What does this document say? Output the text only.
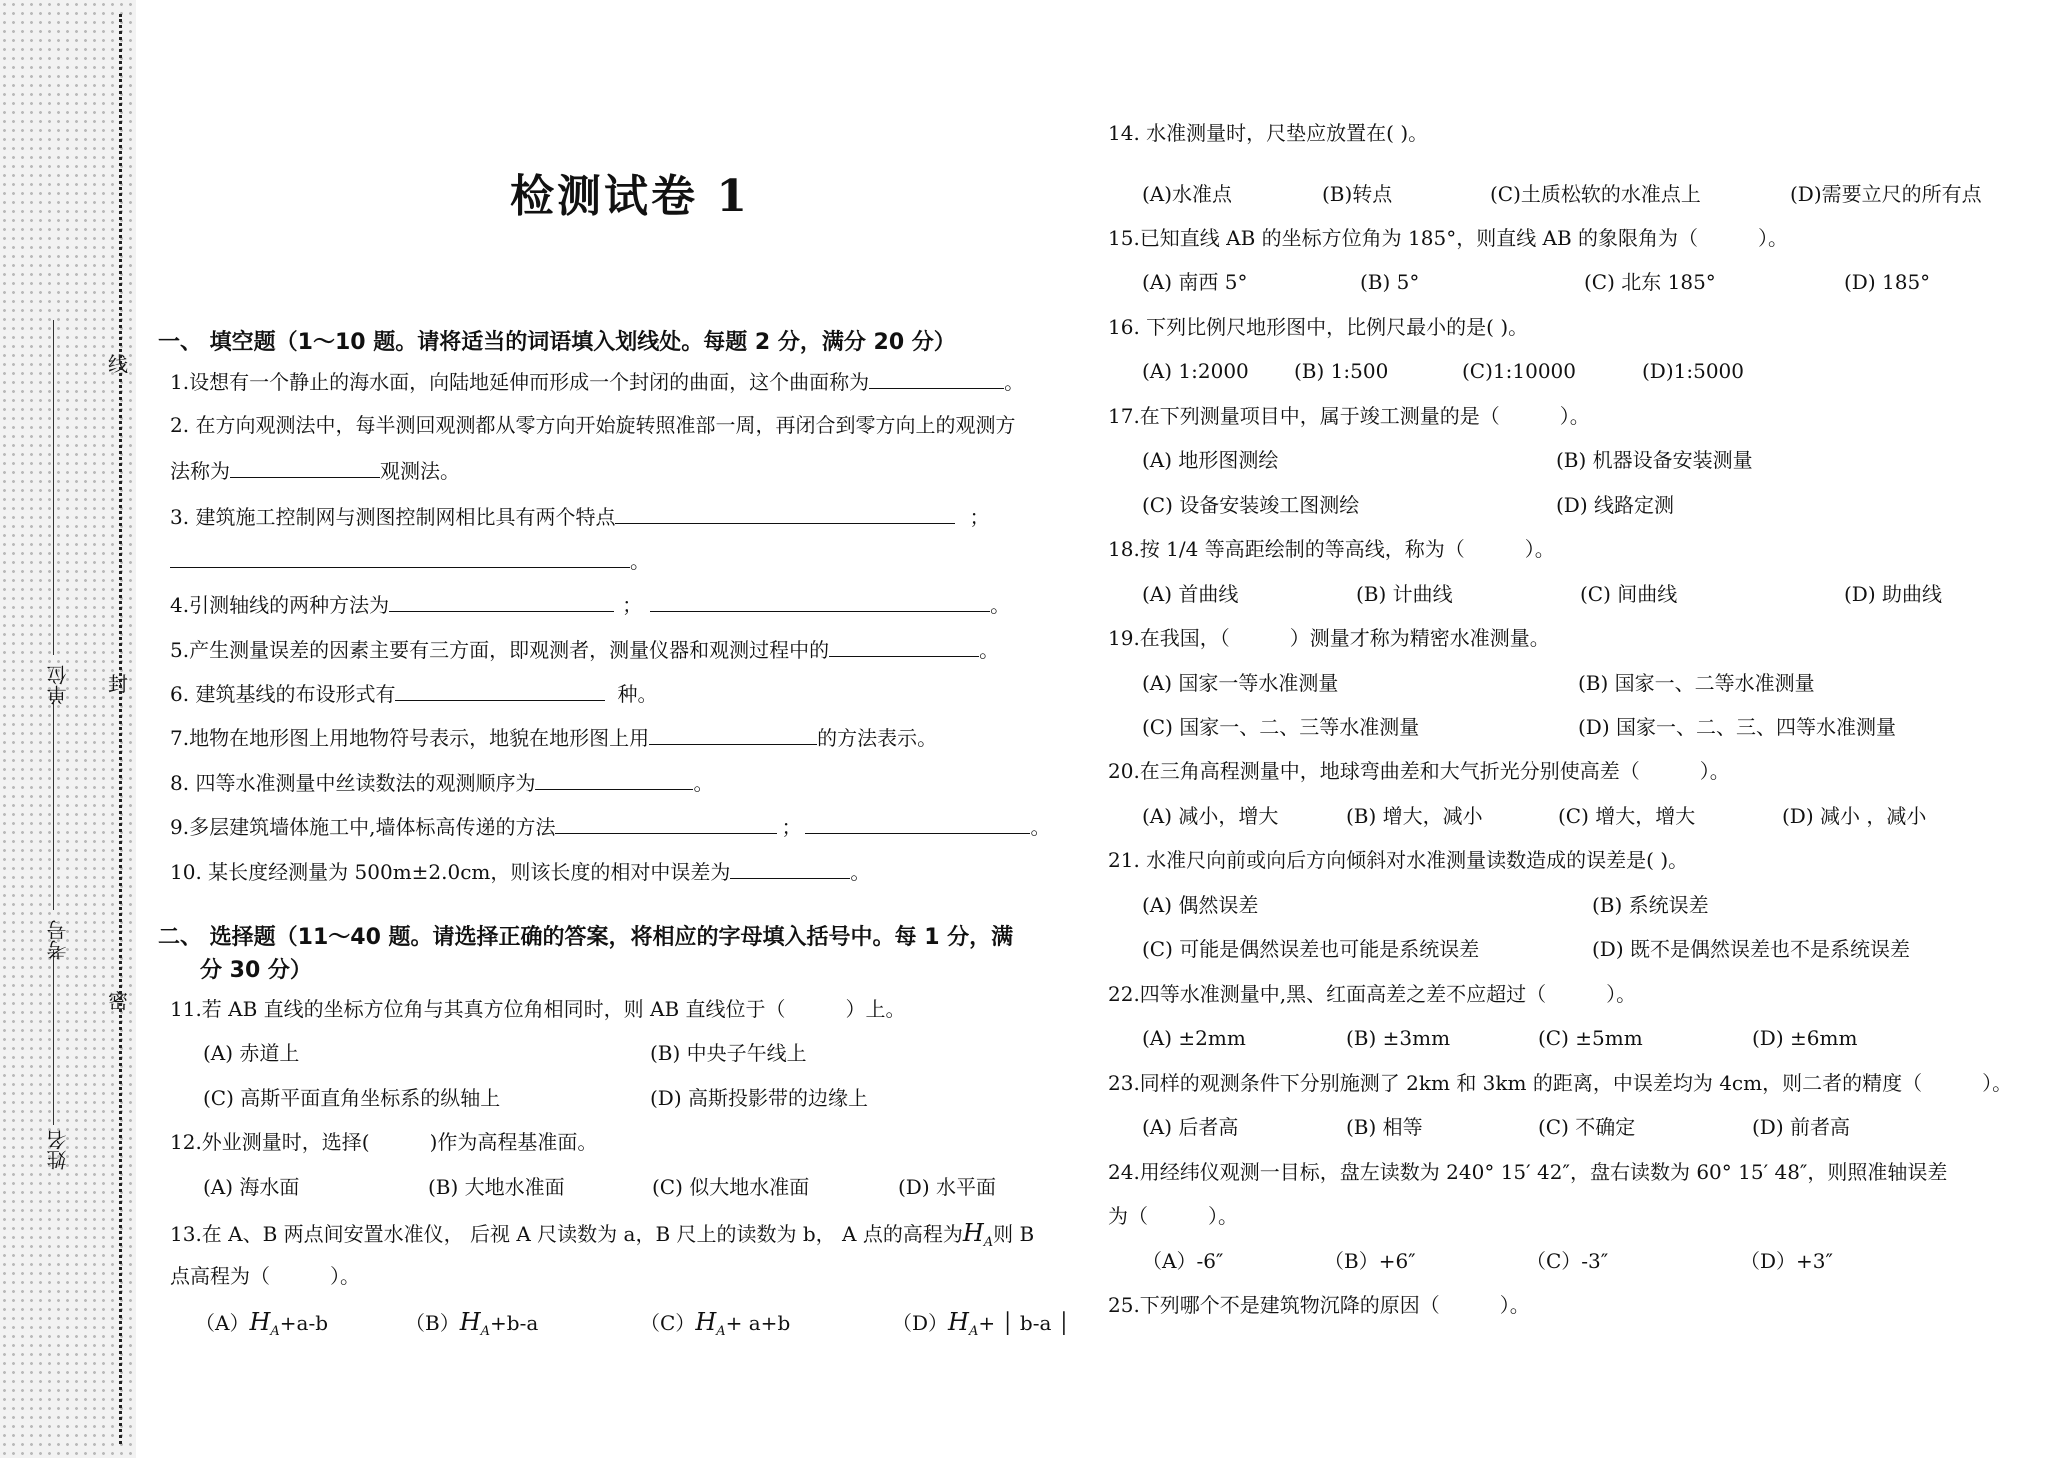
姓名
考号
单位
线
封
密
检测试卷 1
一、 填空题（1～10 题。请将适当的词语填入划线处。每题 2 分，满分 20 分）
1.设想有一个静止的海水面，向陆地延伸而形成一个封闭的曲面，这个曲面称为	。
2. 在方向观测法中，每半测回观测都从零方向开始旋转照准部一周，再闭合到零方向上的观测方
法称为	观测法。
3. 建筑施工控制网与测图控制网相比具有两个特点	；
。
4.引测轴线的两种方法为	；	。
5.产生测量误差的因素主要有三方面，即观测者，测量仪器和观测过程中的	。
6. 建筑基线的布设形式有	种。
7.地物在地形图上用地物符号表示，地貌在地形图上用	的方法表示。
8. 四等水准测量中丝读数法的观测顺序为	。
9.多层建筑墙体施工中,墙体标高传递的方法	；	。
10. 某长度经测量为 500m±2.0cm，则该长度的相对中误差为	。
二、 选择题（11～40 题。请选择正确的答案，将相应的字母填入括号中。每 1 分，满
分 30 分）
11.若 AB 直线的坐标方位角与其真方位角相同时，则 AB 直线位于（　　　）上。
(A) 赤道上	(B) 中央子午线上
(C) 高斯平面直角坐标系的纵轴上	(D) 高斯投影带的边缘上
12.外业测量时，选择(　　　)作为高程基准面。
(A) 海水面	(B) 大地水准面	(C) 似大地水准面	(D) 水平面
13.在 A、B 两点间安置水准仪， 后视 A 尺读数为 a，B 尺上的读数为 b， A 点的高程为$H_A$则 B
点高程为（　　　）。
$(A)H_A+a-b$	$(B)H_A+b-a$	$(C)H_A+ a+b$	$(D)H_A+$ │ b-a │
14. 水准测量时，尺垫应放置在( )。
(A)水准点	(B)转点	(C)土质松软的水准点上	(D)需要立尺的所有点
15.已知直线 AB 的坐标方位角为 185°，则直线 AB 的象限角为（　　　）。
(A) 南西 5°	(B) 5°	(C) 北东 185°	(D) 185°
16. 下列比例尺地形图中，比例尺最小的是( )。
(A) 1:2000 (B) 1:500	(C)1:10000	(D)1:5000
17.在下列测量项目中，属于竣工测量的是（　　　）。
(A) 地形图测绘	(B) 机器设备安装测量
(C) 设备安装竣工图测绘	(D) 线路定测
18.按 1/4 等高距绘制的等高线，称为（　　　）。
(A) 首曲线	(B) 计曲线	(C) 间曲线	(D) 助曲线
19.在我国，（　　　）测量才称为精密水准测量。
(A) 国家一等水准测量	(B) 国家一、二等水准测量
(C) 国家一、二、三等水准测量	(D) 国家一、二、三、四等水准测量
20.在三角高程测量中，地球弯曲差和大气折光分别使高差（　　　）。
(A) 减小，增大	(B) 增大，减小	(C) 增大，增大	(D) 减小 ，减小
21. 水准尺向前或向后方向倾斜对水准测量读数造成的误差是( )。
(A) 偶然误差	(B) 系统误差
(C) 可能是偶然误差也可能是系统误差	(D) 既不是偶然误差也不是系统误差
22.四等水准测量中,黑、红面高差之差不应超过（　　　）。
(A) ±2mm	(B) ±3mm	(C) ±5mm	(D) ±6mm
23.同样的观测条件下分别施测了 2km 和 3km 的距离，中误差均为 4cm，则二者的精度（　　　）。
(A) 后者高	(B) 相等	(C) 不确定	(D) 前者高
24.用经纬仪观测一目标，盘左读数为 240° 15′ 42″，盘右读数为 60° 15′ 48″，则照准轴误差
为（　　　）。
（A）-6″	（B）+6″	（C）-3″	（D）+3″
25.下列哪个不是建筑物沉降的原因（　　　）。
